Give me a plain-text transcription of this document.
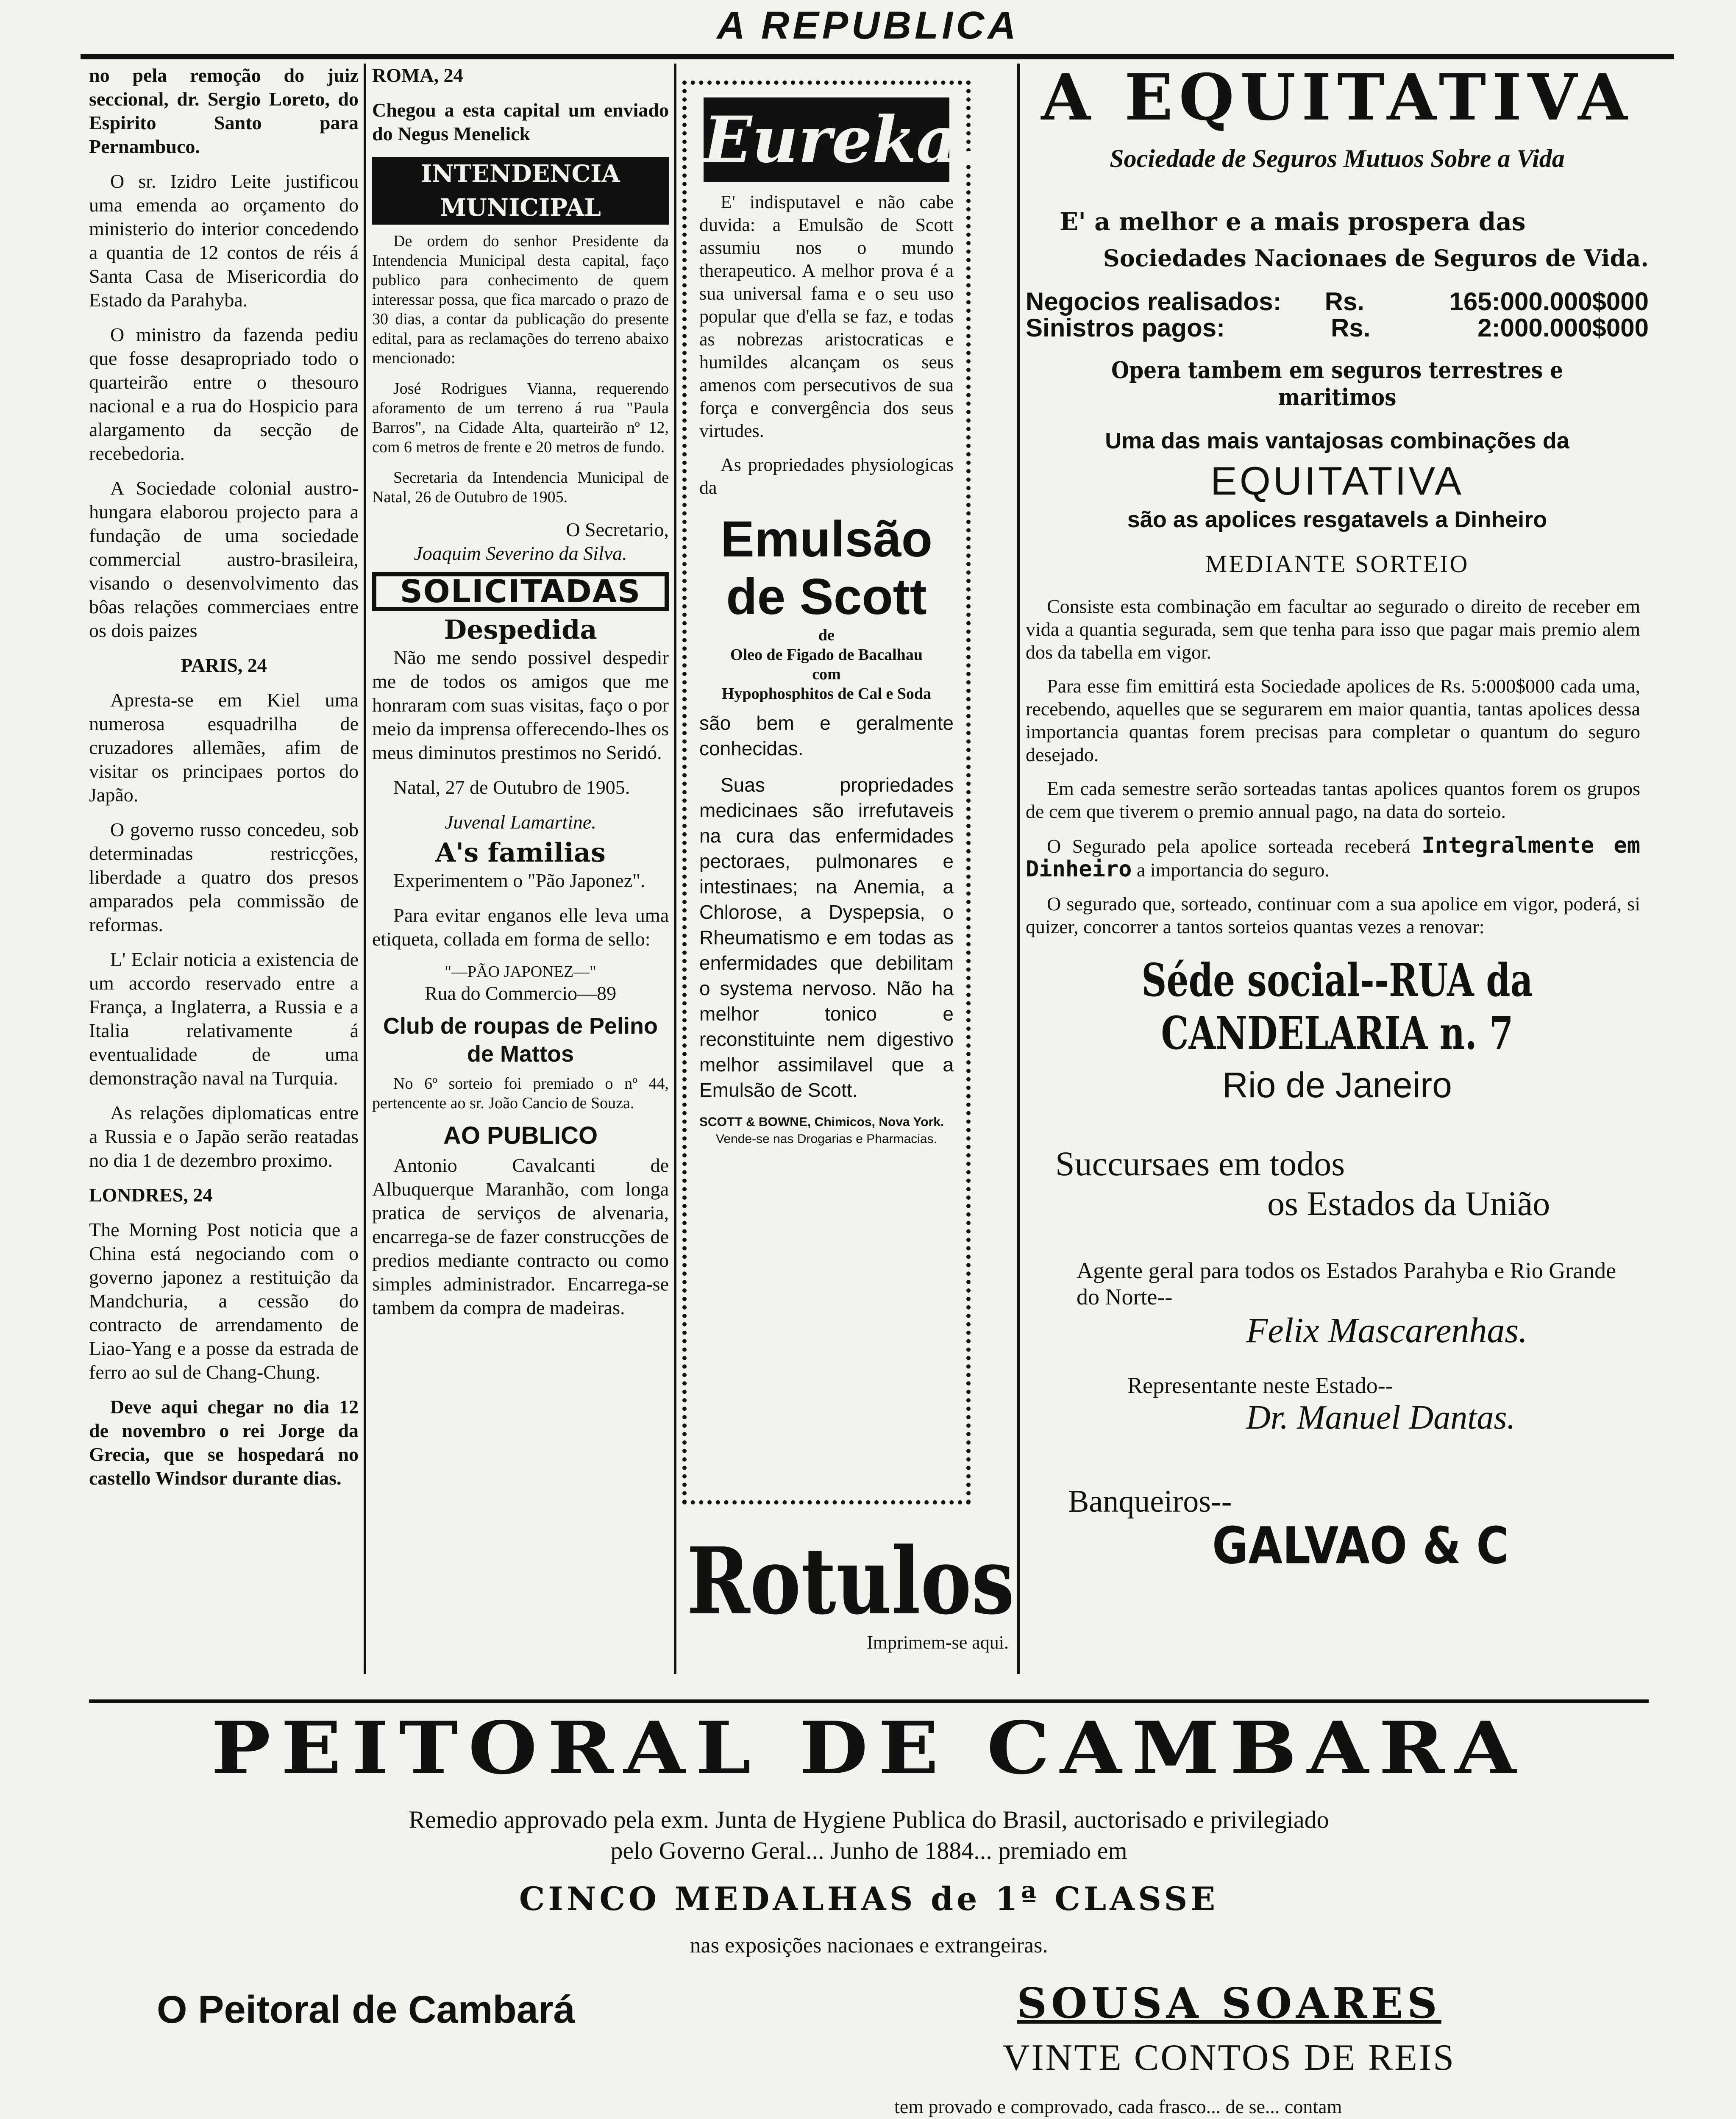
A REPUBLICA

no pela remoção do juiz seccional, dr. Sergio Loreto, do Espirito Santo para Pernambuco.

O sr. Izidro Leite justificou uma emenda ao orçamento do ministerio do interior concedendo a quantia de 12 contos de réis á Santa Casa de Misericordia do Estado da Parahyba.

O ministro da fazenda pediu que fosse desapropriado todo o quarteirão entre o thesouro nacional e a rua do Hospicio para alargamento da secção de recebedoria.

A Sociedade colonial austro-hungara elaborou projecto para a fundação de uma sociedade commercial austro-brasileira, visando o desenvolvimento das bôas relações commerciaes entre os dois paizes

PARIS, 24

Apresta-se em Kiel uma numerosa esquadrilha de cruzadores allemães, afim de visitar os principaes portos do Japão.

O governo russo concedeu, sob determinadas restricções, liberdade a quatro dos presos amparados pela commissão de reformas.

L' Eclair noticia a existencia de um accordo reservado entre a França, a Inglaterra, a Russia e a Italia relativamente á eventualidade de uma demonstração naval na Turquia.

As relações diplomaticas entre a Russia e o Japão serão reatadas no dia 1 de dezembro proximo.

LONDRES, 24

The Morning Post noticia que a China está negociando com o governo japonez a restituição da Mandchuria, a cessão do contracto de arrendamento de Liao-Yang e a posse da estrada de ferro ao sul de Chang-Chung.

Deve aqui chegar no dia 12 de novembro o rei Jorge da Grecia, que se hospedará no castello Windsor durante dias.

ROMA, 24

Chegou a esta capital um enviado do Negus Menelick

INTENDENCIA MUNICIPAL

De ordem do senhor Presidente da Intendencia Municipal desta capital, faço publico para conhecimento de quem interessar possa, que fica marcado o prazo de 30 dias, a contar da publicação do presente edital, para as reclamações do terreno abaixo mencionado:

José Rodrigues Vianna, requerendo aforamento de um terreno á rua "Paula Barros", na Cidade Alta, quarteirão nº 12, com 6 metros de frente e 20 metros de fundo.

Secretaria da Intendencia Municipal de Natal, 26 de Outubro de 1905.

O Secretario,
Joaquim Severino da Silva.
SOLICITADAS
Despedida

Não me sendo possivel despedir me de todos os amigos que me honraram com suas visitas, faço o por meio da imprensa offerecendo-lhes os meus diminutos prestimos no Seridó.

Natal, 27 de Outubro de 1905.

Juvenal Lamartine.
A's familias

Experimentem o "Pão Japonez".

Para evitar enganos elle leva uma etiqueta, collada em forma de sello:

"—PÃO JAPONEZ—"
Rua do Commercio—89
Club de roupas de Pelino de Mattos

No 6º sorteio foi premiado o nº 44, pertencente ao sr. João Cancio de Souza.

AO PUBLICO

Antonio Cavalcanti de Albuquerque Maranhão, com longa pratica de serviços de alvenaria, encarrega-se de fazer construcções de predios mediante contracto ou como simples administrador. Encarrega-se tambem da compra de madeiras.

Eureka.

E' indisputavel e não cabe duvida: a Emulsão de Scott assumiu nos o mundo therapeutico. A melhor prova é a sua universal fama e o seu uso popular que d'ella se faz, e todas as nobrezas aristocraticas e humildes alcançam os seus amenos com persecutivos de sua força e convergência dos seus virtudes.

As propriedades physiologicas da

Emulsão
de Scott
de
Oleo de Figado de Bacalhau
com
Hypophosphitos de Cal e Soda

são bem e geralmente conhecidas.

Suas propriedades medicinaes são irrefutaveis na cura das enfermidades pectoraes, pulmonares e intestinaes; na Anemia, a Chlorose, a Dyspepsia, o Rheumatismo e em todas as enfermidades que debilitam o systema nervoso. Não ha melhor tonico e reconstituinte nem digestivo melhor assimilavel que a Emulsão de Scott.

SCOTT & BOWNE, Chimicos, Nova York.
Vende-se nas Drogarias e Pharmacias.
Rotulos
Imprimem-se aqui.
A EQUITATIVA
Sociedade de Seguros Mutuos Sobre a Vida
E' a melhor e a mais prospera das
Sociedades Nacionaes de Seguros de Vida.
Negocios realisados:	Rs.	165:000.000$000
Sinistros pagos:	Rs.	2:000.000$000
Opera tambem em seguros terrestres e maritimos
Uma das mais vantajosas combinações da
EQUITATIVA
são as apolices resgatavels a Dinheiro
MEDIANTE SORTEIO

Consiste esta combinação em facultar ao segurado o direito de receber em vida a quantia segurada, sem que tenha para isso que pagar mais premio alem dos da tabella em vigor.

Para esse fim emittirá esta Sociedade apolices de Rs. 5:000$000 cada uma, recebendo, aquelles que se segurarem em maior quantia, tantas apolices dessa importancia quantas forem precisas para completar o quantum do seguro desejado.

Em cada semestre serão sorteadas tantas apolices quantos forem os grupos de cem que tiverem o premio annual pago, na data do sorteio.

O Segurado pela apolice sorteada receberá Integralmente em Dinheiro a importancia do seguro.

O segurado que, sorteado, continuar com a sua apolice em vigor, poderá, si quizer, concorrer a tantos sorteios quantas vezes a renovar:

Séde social--RUA da CANDELARIA n. 7
Rio de Janeiro
Succursaes em todos
os Estados da União
Agente geral para todos os Estados Parahyba e Rio Grande do Norte--
Felix Mascarenhas.
Representante neste Estado--
Dr. Manuel Dantas.
Banqueiros--
GALVAO & C
PEITORAL DE CAMBARA
Remedio approvado pela exm. Junta de Hygiene Publica do Brasil, auctorisado e privilegiado
pelo Governo Geral... Junho de 1884... premiado em
CINCO MEDALHAS de 1ª CLASSE
nas exposições nacionaes e extrangeiras.
O Peitoral de Cambará	SOUSA SOARES
VINTE CONTOS DE REIS
tem provado e comprovado, cada frasco... de se... contam
